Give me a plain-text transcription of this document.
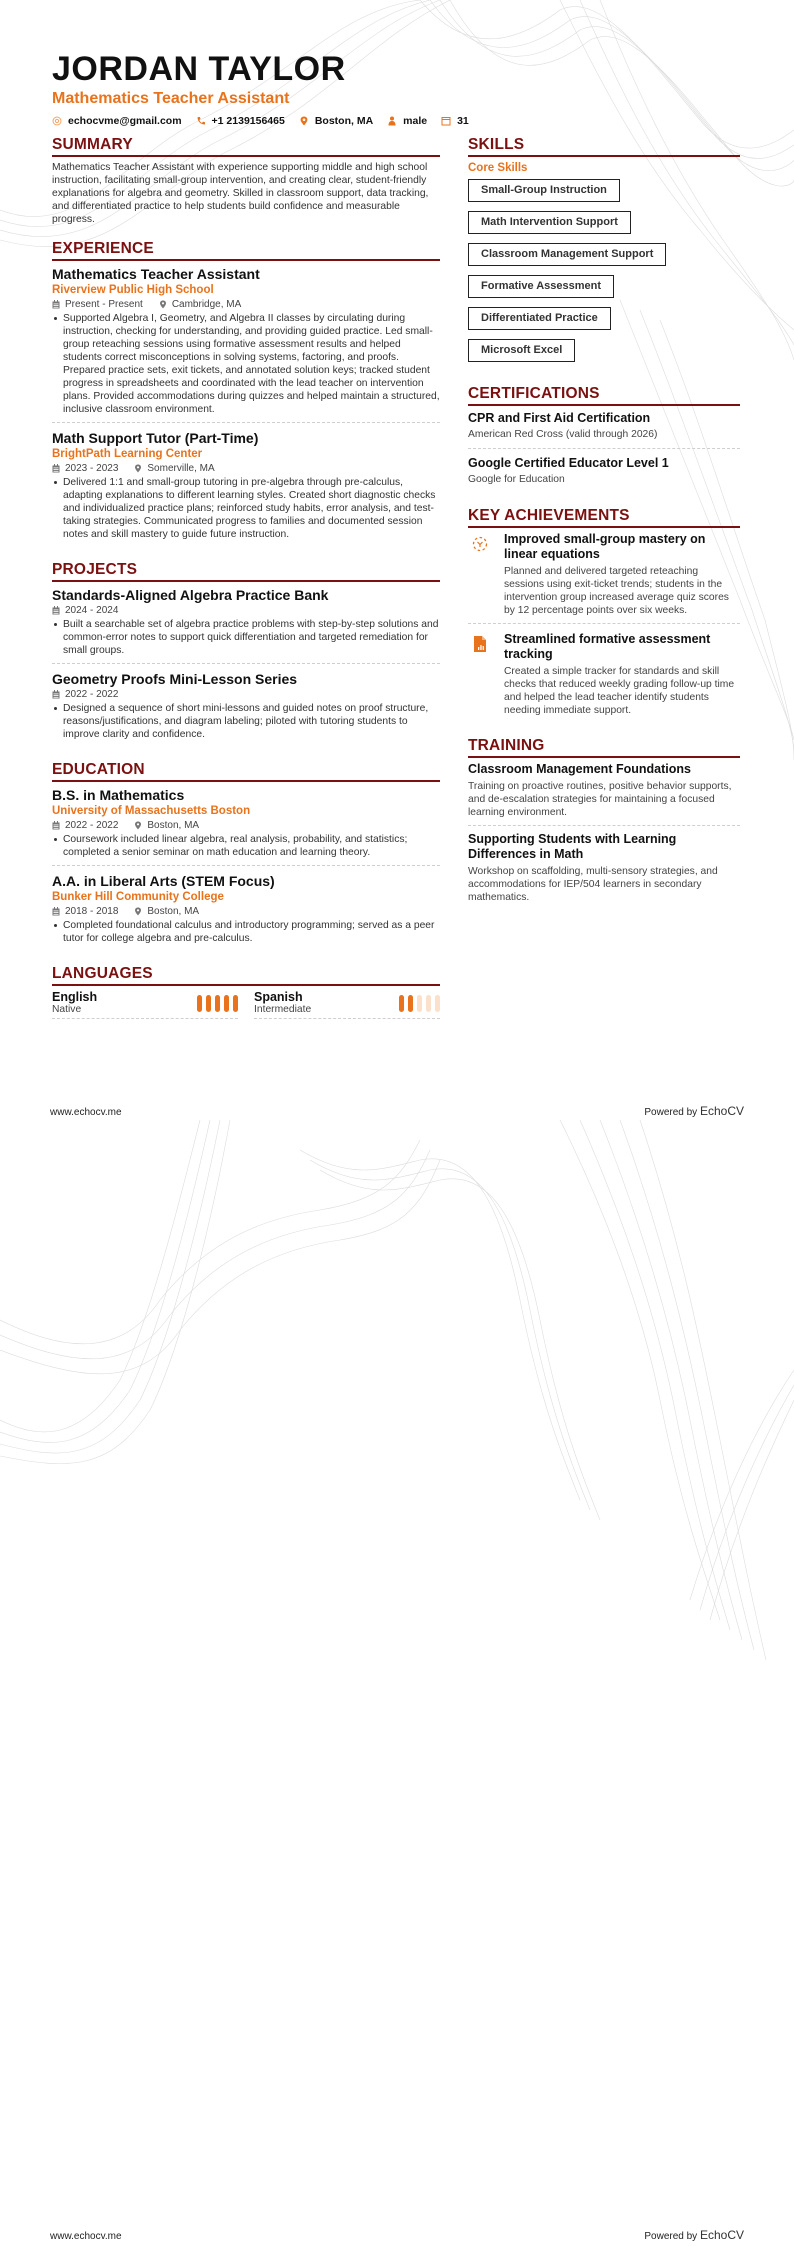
JORDAN TAYLOR
Mathematics Teacher Assistant
echocvme@gmail.com	+1 2139156465	Boston, MA	male	31
SUMMARY
Mathematics Teacher Assistant with experience supporting middle and high school instruction, facilitating small-group intervention, and creating clear, student-friendly explanations for algebra and geometry. Skilled in classroom support, data tracking, and differentiated practice to help students build confidence and measurable progress.
EXPERIENCE
Mathematics Teacher Assistant
Riverview Public High School
Present - Present	Cambridge, MA
Supported Algebra I, Geometry, and Algebra II classes by circulating during instruction, checking for understanding, and providing guided practice. Led small-group reteaching sessions using formative assessment results and helped students correct misconceptions in solving systems, factoring, and proofs. Prepared practice sets, exit tickets, and annotated solution keys; tracked student progress in spreadsheets and coordinated with the lead teacher on intervention plans. Provided accommodations during quizzes and helped maintain a structured, inclusive classroom environment.
Math Support Tutor (Part-Time)
BrightPath Learning Center
2023 - 2023	Somerville, MA
Delivered 1:1 and small-group tutoring in pre-algebra through pre-calculus, adapting explanations to different learning styles. Created short diagnostic checks and individualized practice plans; reinforced study habits, error analysis, and test-taking strategies. Communicated progress to families and documented session notes and skill mastery to guide future instruction.
PROJECTS
Standards-Aligned Algebra Practice Bank
2024 - 2024
Built a searchable set of algebra practice problems with step-by-step solutions and common-error notes to support quick differentiation and targeted remediation for small groups.
Geometry Proofs Mini-Lesson Series
2022 - 2022
Designed a sequence of short mini-lessons and guided notes on proof structure, reasons/justifications, and diagram labeling; piloted with tutoring students to improve clarity and confidence.
EDUCATION
B.S. in Mathematics
University of Massachusetts Boston
2022 - 2022	Boston, MA
Coursework included linear algebra, real analysis, probability, and statistics; completed a senior seminar on math education and learning theory.
A.A. in Liberal Arts (STEM Focus)
Bunker Hill Community College
2018 - 2018	Boston, MA
Completed foundational calculus and introductory programming; served as a peer tutor for college algebra and pre-calculus.
LANGUAGES
English
Native
Spanish
Intermediate
SKILLS
Core Skills
Small-Group Instruction
Math Intervention Support
Classroom Management Support
Formative Assessment
Differentiated Practice
Microsoft Excel
CERTIFICATIONS
CPR and First Aid Certification
American Red Cross (valid through 2026)
Google Certified Educator Level 1
Google for Education
KEY ACHIEVEMENTS
Improved small-group mastery on linear equations
Planned and delivered targeted reteaching sessions using exit-ticket trends; students in the intervention group increased average quiz scores by 12 percentage points over six weeks.
Streamlined formative assessment tracking
Created a simple tracker for standards and skill checks that reduced weekly grading follow-up time and helped the lead teacher identify students needing immediate support.
TRAINING
Classroom Management Foundations
Training on proactive routines, positive behavior supports, and de-escalation strategies for maintaining a focused learning environment.
Supporting Students with Learning Differences in Math
Workshop on scaffolding, multi-sensory strategies, and accommodations for IEP/504 learners in secondary mathematics.
www.echocv.me	Powered by EchoCV
www.echocv.me	Powered by EchoCV
